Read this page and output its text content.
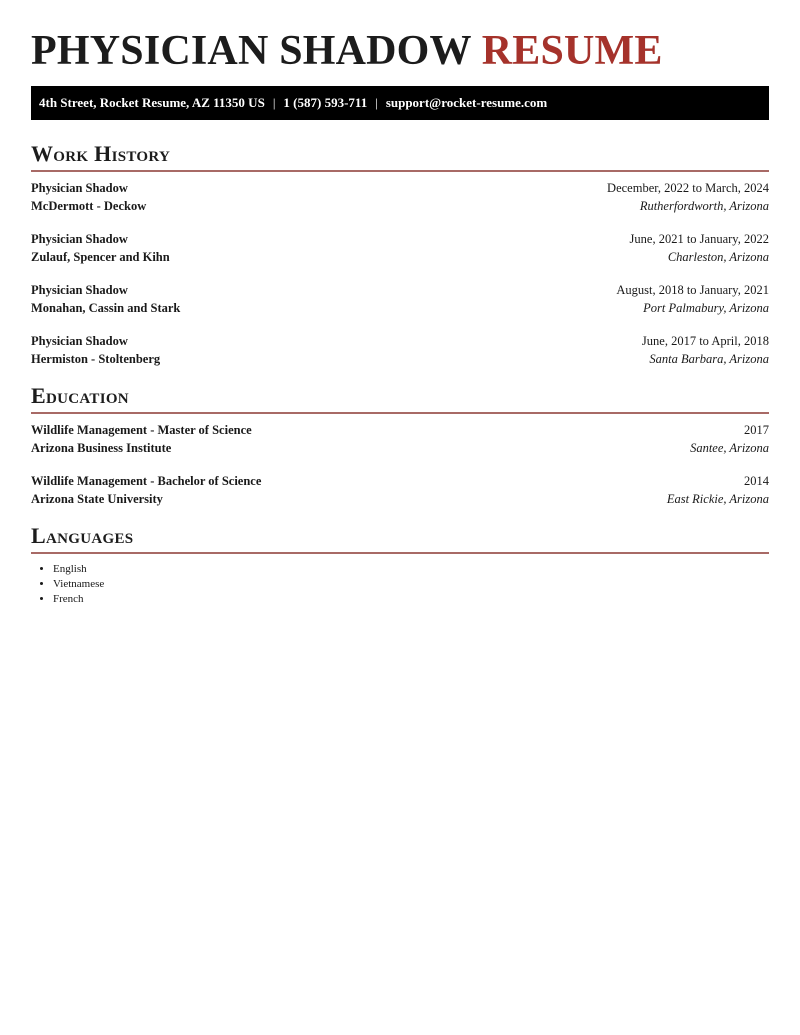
PHYSICIAN SHADOW RESUME
4th Street, Rocket Resume, AZ 11350 US | 1 (587) 593-711 | support@rocket-resume.com
Work History
Physician Shadow	December, 2022 to March, 2024
McDermott - Deckow	Rutherfordworth, Arizona
Physician Shadow	June, 2021 to January, 2022
Zulauf, Spencer and Kihn	Charleston, Arizona
Physician Shadow	August, 2018 to January, 2021
Monahan, Cassin and Stark	Port Palmabury, Arizona
Physician Shadow	June, 2017 to April, 2018
Hermiston - Stoltenberg	Santa Barbara, Arizona
Education
Wildlife Management - Master of Science	2017
Arizona Business Institute	Santee, Arizona
Wildlife Management - Bachelor of Science	2014
Arizona State University	East Rickie, Arizona
Languages
• English
• Vietnamese
• French
